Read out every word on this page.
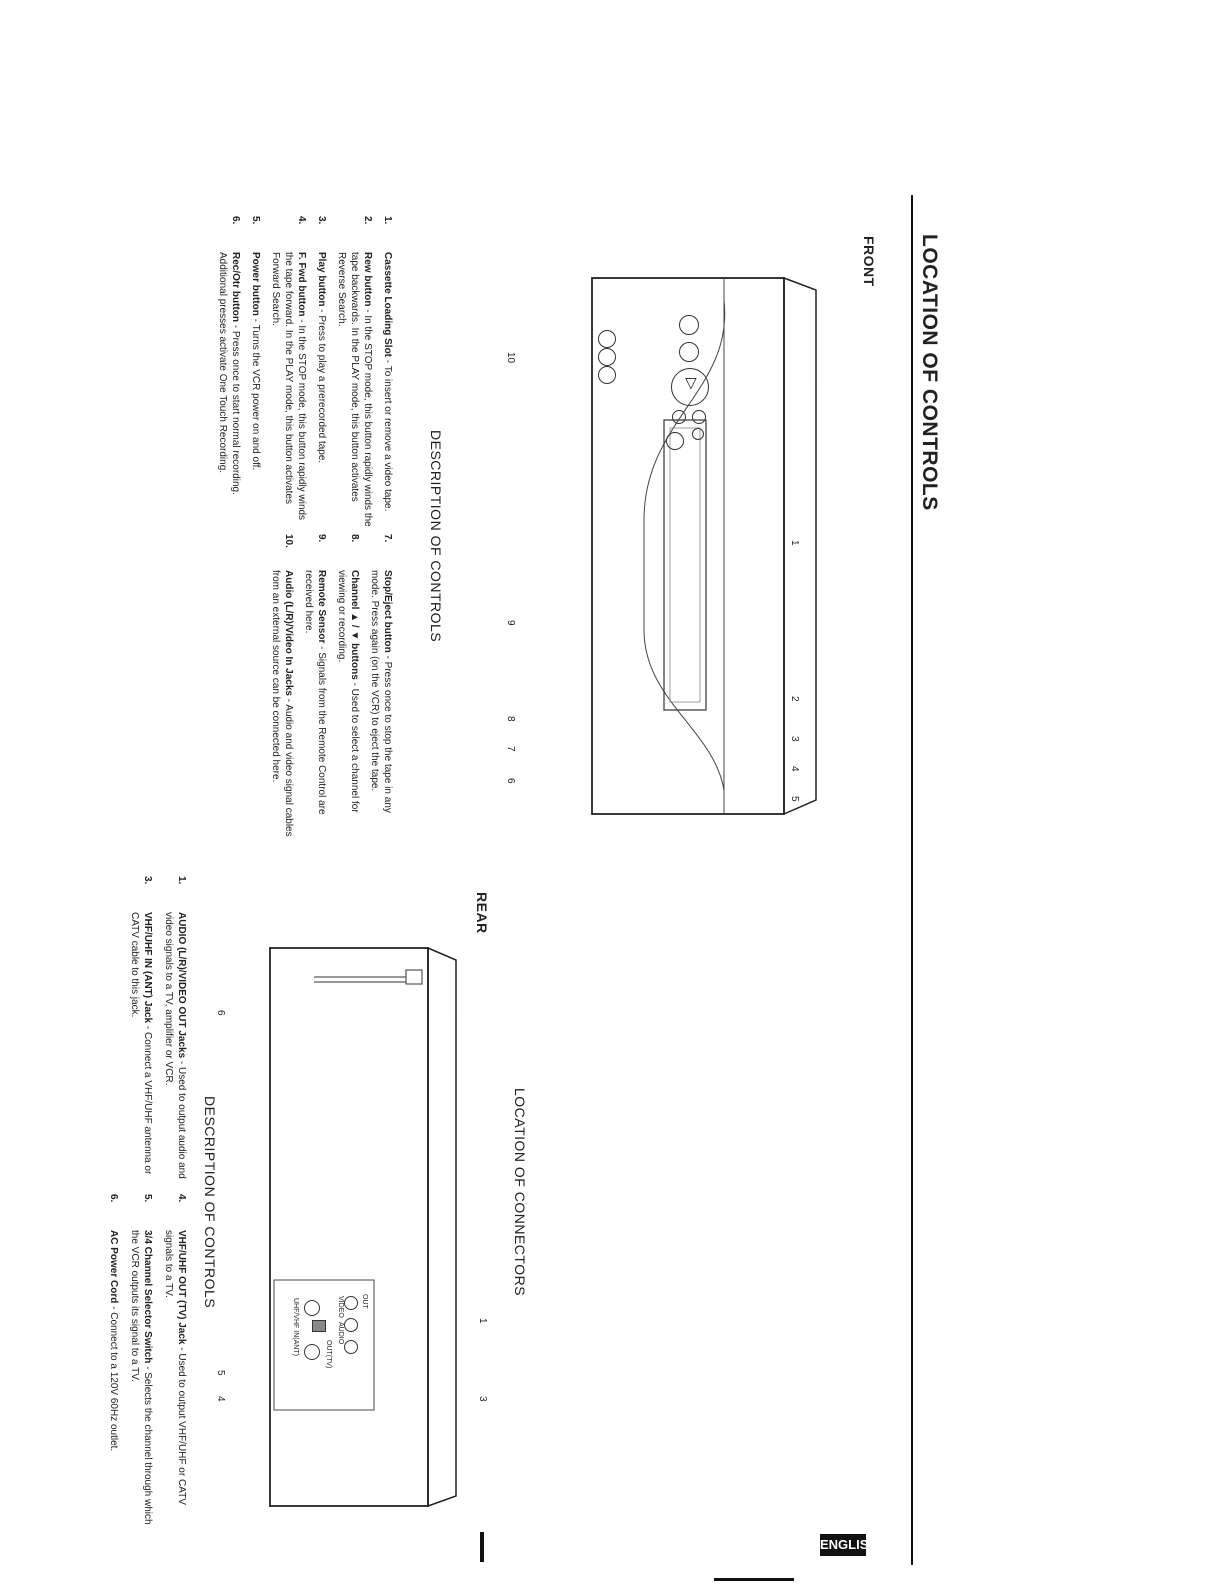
LOCATION OF CONTROLS
FRONT
▷
1
2
3
4
5
6
7
8
9
10
DESCRIPTION OF CONTROLS
1.Cassette Loading Slot - To insert or remove a video tape.
2.Rew button - In the STOP mode, this button rapidly winds the tape backwards. In the PLAY mode, this button activates Reverse Search.
3.Play button - Press to play a prerecorded tape.
4.F. Fwd button - In the STOP mode, this button rapidly winds the tape forward. In the PLAY mode, this button activates Forward Search.
5.Power button - Turns the VCR power on and off.
6.Rec/Otr button - Press once to start normal recording. Additional presses activate One Touch Recording.
7.Stop/Eject button - Press once to stop the tape in any mode. Press again (on the VCR) to eject the tape.
8.Channel ▲ / ▼ buttons - Used to select a channel for viewing or recording.
9.Remote Sensor - Signals from the Remote Control are received here.
10.Audio (L/R)/Video In Jacks - Audio and video signal cables from an external source can be connected here.
REAR
LOCATION OF CONNECTORS
UHF/VHF IN(ANT)	OUT
VIDEO
AUDIO
OUT(TV)
1
3
4
5
6
DESCRIPTION OF CONTROLS
1.AUDIO (L/R)/VIDEO OUT Jacks - Used to output audio and video signals to a TV, amplifier or VCR.
3.VHF/UHF IN (ANT) Jack - Connect a VHF/UHF antenna or CATV cable to this jack.
4.VHF/UHF OUT (TV) Jack - Used to output VHF/UHF or CATV signals to a TV.
5.3/4 Channel Selector Switch - Selects the channel through which the VCR outputs its signal to a TV.
6.AC Power Cord - Connect to a 120V 60Hz outlet.
ENGLISH
